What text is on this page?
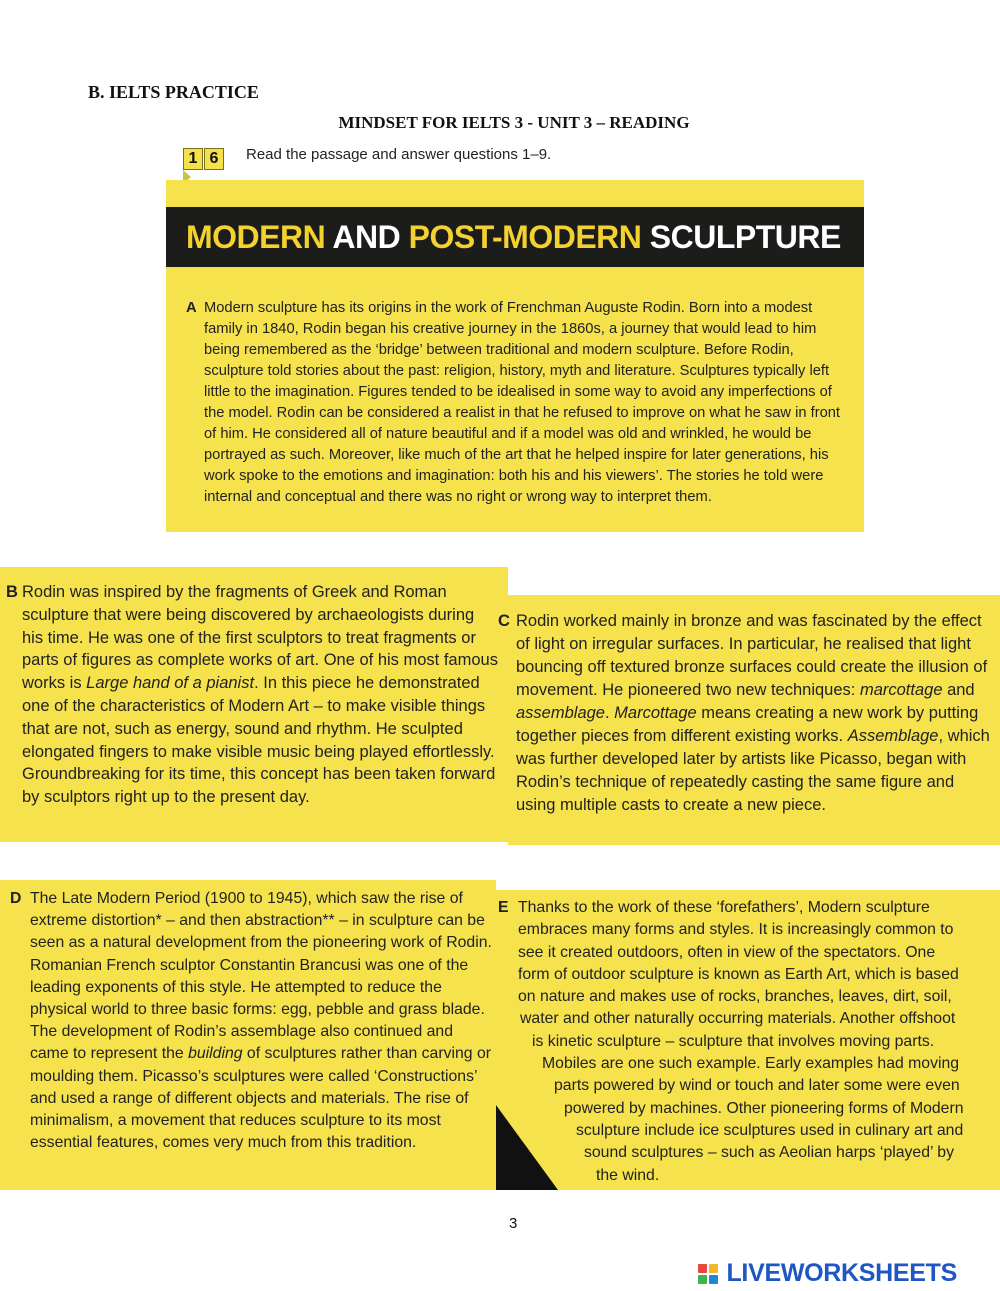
B. IELTS PRACTICE
MINDSET FOR IELTS 3 - UNIT 3 – READING
1 6	Read the passage and answer questions 1–9.
MODERN AND POST-MODERN SCULPTURE
A Modern sculpture has its origins in the work of Frenchman Auguste Rodin. Born into a modest family in 1840, Rodin began his creative journey in the 1860s, a journey that would lead to him being remembered as the ‘bridge’ between traditional and modern sculpture. Before Rodin, sculpture told stories about the past: religion, history, myth and literature. Sculptures typically left little to the imagination. Figures tended to be idealised in some way to avoid any imperfections of the model. Rodin can be considered a realist in that he refused to improve on what he saw in front of him. He considered all of nature beautiful and if a model was old and wrinkled, he would be portrayed as such. Moreover, like much of the art that he helped inspire for later generations, his work spoke to the emotions and imagination: both his and his viewers’. The stories he told were internal and conceptual and there was no right or wrong way to interpret them.
B Rodin was inspired by the fragments of Greek and Roman sculpture that were being discovered by archaeologists during his time. He was one of the first sculptors to treat fragments or parts of figures as complete works of art. One of his most famous works is Large hand of a pianist. In this piece he demonstrated one of the characteristics of Modern Art – to make visible things that are not, such as energy, sound and rhythm. He sculpted elongated fingers to make visible music being played effortlessly. Groundbreaking for its time, this concept has been taken forward by sculptors right up to the present day.
C Rodin worked mainly in bronze and was fascinated by the effect of light on irregular surfaces. In particular, he realised that light bouncing off textured bronze surfaces could create the illusion of movement. He pioneered two new techniques: marcottage and assemblage. Marcottage means creating a new work by putting together pieces from different existing works. Assemblage, which was further developed later by artists like Picasso, began with Rodin’s technique of repeatedly casting the same figure and using multiple casts to create a new piece.
D The Late Modern Period (1900 to 1945), which saw the rise of extreme distortion* – and then abstraction** – in sculpture can be seen as a natural development from the pioneering work of Rodin. Romanian French sculptor Constantin Brancusi was one of the leading exponents of this style. He attempted to reduce the physical world to three basic forms: egg, pebble and grass blade. The development of Rodin’s assemblage also continued and came to represent the building of sculptures rather than carving or moulding them. Picasso’s sculptures were called ‘Constructions’ and used a range of different objects and materials. The rise of minimalism, a movement that reduces sculpture to its most essential features, comes very much from this tradition.
E Thanks to the work of these ‘forefathers’, Modern sculpture
embraces many forms and styles. It is increasingly common to
see it created outdoors, often in view of the spectators. One
form of outdoor sculpture is known as Earth Art, which is based
on nature and makes use of rocks, branches, leaves, dirt, soil,
water and other naturally occurring materials. Another offshoot
is kinetic sculpture – sculpture that involves moving parts.
Mobiles are one such example. Early examples had moving
parts powered by wind or touch and later some were even
powered by machines. Other pioneering forms of Modern
sculpture include ice sculptures used in culinary art and
sound sculptures – such as Aeolian harps ‘played’ by
the wind.
3
LIVEWORKSHEETS
